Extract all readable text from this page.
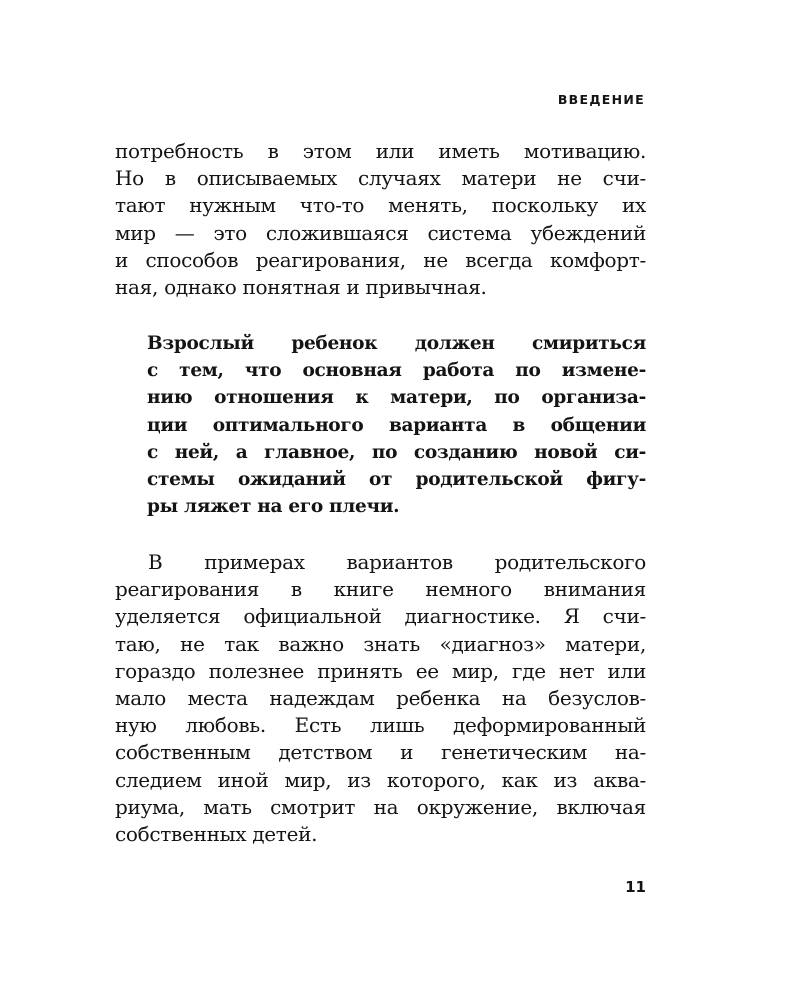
ВВЕДЕНИЕ

потребность в этом или иметь мотивацию.
Но в описываемых случаях матери не счи-
тают нужным что-то менять, поскольку их
мир — это сложившаяся система убеждений
и способов реагирования, не всегда комфорт-
ная, однако понятная и привычная.
Взрослый ребенок должен смириться
с тем, что основная работа по измене-
нию отношения к матери, по организа-
ции оптимального варианта в общении
с ней, а главное, по созданию новой си-
стемы ожиданий от родительской фигу-
ры ляжет на его плечи.
В примерах вариантов родительского
реагирования в книге немного внимания
уделяется официальной диагностике. Я счи-
таю, не так важно знать «диагноз» матери,
гораздо полезнее принять ее мир, где нет или
мало места надеждам ребенка на безуслов-
ную любовь. Есть лишь деформированный
собственным детством и генетическим на-
следием иной мир, из которого, как из аква-
риума, мать смотрит на окружение, включая
собственных детей.

11
